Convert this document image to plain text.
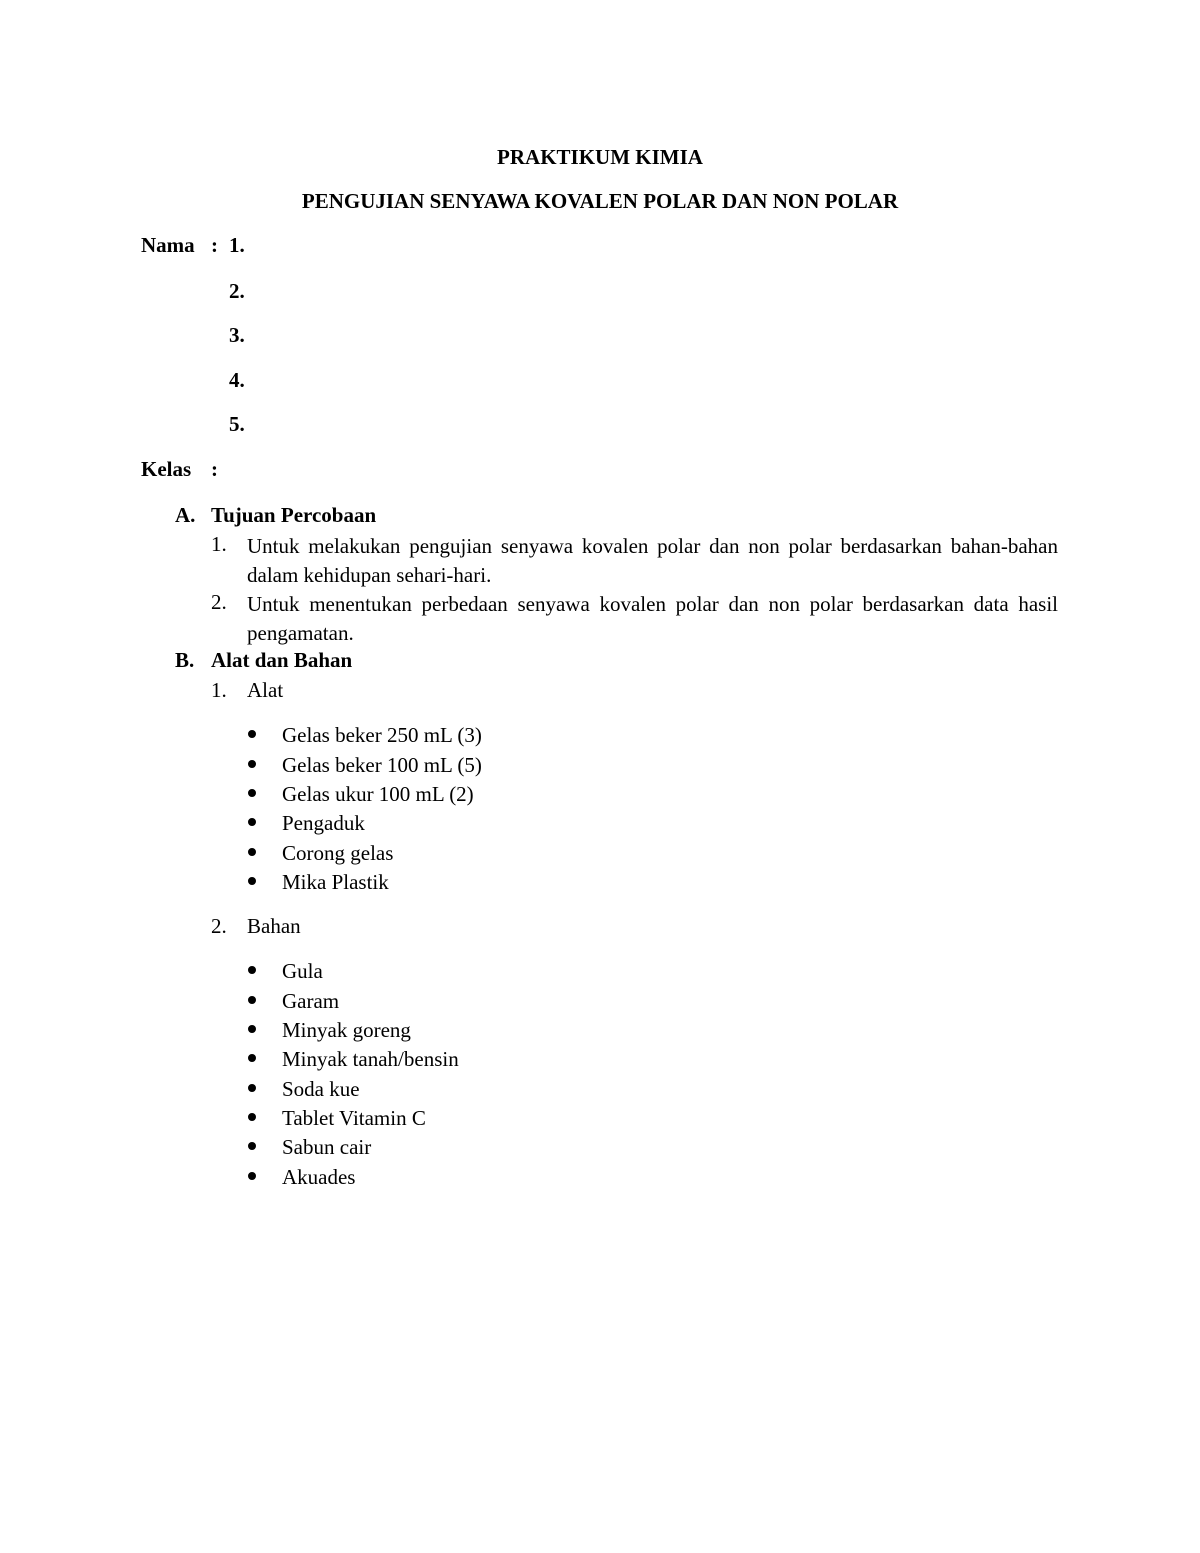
PRAKTIKUM KIMIA
PENGUJIAN SENYAWA KOVALEN POLAR DAN NON POLAR
Nama : 1.
2.
3.
4.
5.
Kelas :
A. Tujuan Percobaan
1. Untuk melakukan pengujian senyawa kovalen polar dan non polar berdasarkan bahan-bahan dalam kehidupan sehari-hari.
2. Untuk menentukan perbedaan senyawa kovalen polar dan non polar berdasarkan data hasil pengamatan.
B. Alat dan Bahan
1. Alat
Gelas beker 250 mL (3)
Gelas beker 100 mL (5)
Gelas ukur 100 mL (2)
Pengaduk
Corong gelas
Mika Plastik
2. Bahan
Gula
Garam
Minyak goreng
Minyak tanah/bensin
Soda kue
Tablet Vitamin C
Sabun cair
Akuades
